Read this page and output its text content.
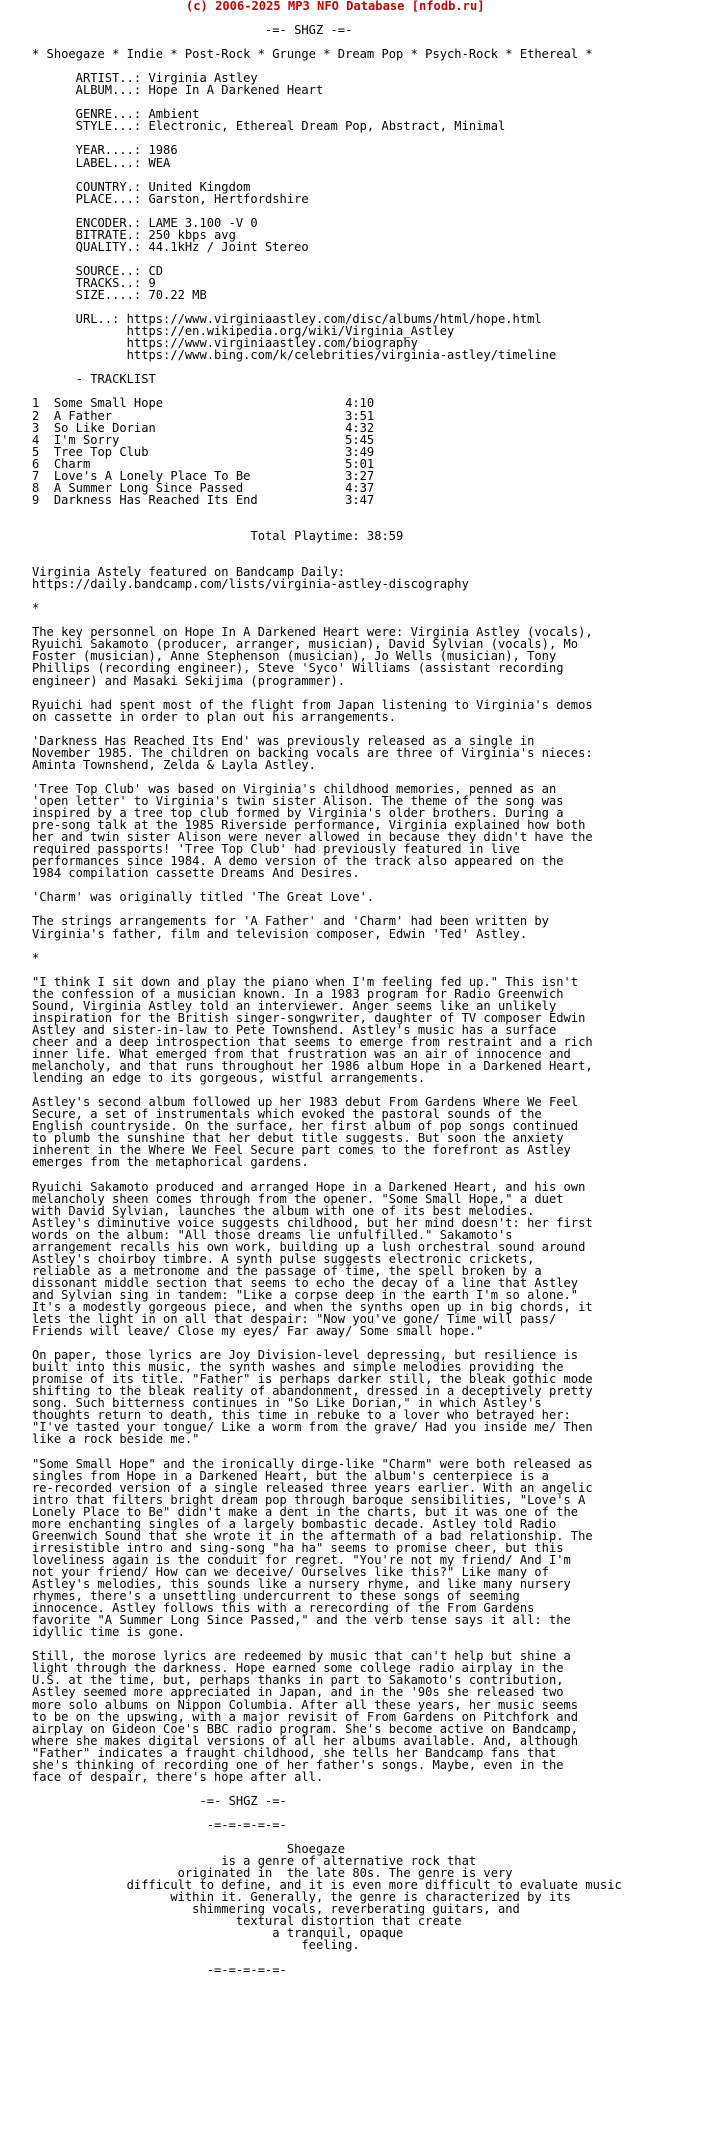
(c) 2006-2025 MP3 NFO Database [nfodb.ru]
-=- SHGZ -=-

* Shoegaze * Indie * Post-Rock * Grunge * Dream Pop * Psych-Rock * Ethereal *

ARTIST..: Virginia Astley
ALBUM...: Hope In A Darkened Heart

GENRE...: Ambient
STYLE...: Electronic, Ethereal Dream Pop, Abstract, Minimal

YEAR....: 1986
LABEL...: WEA

COUNTRY.: United Kingdom
PLACE...: Garston, Hertfordshire

ENCODER.: LAME 3.100 -V 0
BITRATE.: 250 kbps avg
QUALITY.: 44.1kHz / Joint Stereo

SOURCE..: CD
TRACKS..: 9
SIZE....: 70.22 MB

URL..: https://www.virginiaastley.com/disc/albums/html/hope.html
https://en.wikipedia.org/wiki/Virginia_Astley
https://www.virginiaastley.com/biography
https://www.bing.com/k/celebrities/virginia-astley/timeline

- TRACKLIST

1 Some Small Hope	4:10
2 A Father	3:51
3 So Like Dorian	4:32
4 I'm Sorry	5:45
5 Tree Top Club	3:49
6 Charm	5:01
7 Love's A Lonely Place To Be	3:27
8 A Summer Long Since Passed	4:37
9 Darkness Has Reached Its End	3:47

Total Playtime: 38:59

Virginia Astely featured on Bandcamp Daily:
https://daily.bandcamp.com/lists/virginia-astley-discography

*

The key personnel on Hope In A Darkened Heart were: Virginia Astley (vocals),
Ryuichi Sakamoto (producer, arranger, musician), David Sylvian (vocals), Mo
Foster (musician), Anne Stephenson (musician), Jo Wells (musician), Tony
Phillips (recording engineer), Steve 'Syco' Williams (assistant recording
engineer) and Masaki Sekijima (programmer).

Ryuichi had spent most of the flight from Japan listening to Virginia's demos
on cassette in order to plan out his arrangements.

'Darkness Has Reached Its End' was previously released as a single in
November 1985. The children on backing vocals are three of Virginia's nieces:
Aminta Townshend, Zelda & Layla Astley.

'Tree Top Club' was based on Virginia's childhood memories, penned as an
'open letter' to Virginia's twin sister Alison. The theme of the song was
inspired by a tree top club formed by Virginia's older brothers. During a
pre-song talk at the 1985 Riverside performance, Virginia explained how both
her and twin sister Alison were never allowed in because they didn't have the
required passports! 'Tree Top Club' had previously featured in live
performances since 1984. A demo version of the track also appeared on the
1984 compilation cassette Dreams And Desires.

'Charm' was originally titled 'The Great Love'.

The strings arrangements for 'A Father' and 'Charm' had been written by
Virginia's father, film and television composer, Edwin 'Ted' Astley.

*

"I think I sit down and play the piano when I'm feeling fed up." This isn't
the confession of a musician known. In a 1983 program for Radio Greenwich
Sound, Virginia Astley told an interviewer. Anger seems like an unlikely
inspiration for the British singer-songwriter, daughter of TV composer Edwin
Astley and sister-in-law to Pete Townshend. Astley's music has a surface
cheer and a deep introspection that seems to emerge from restraint and a rich
inner life. What emerged from that frustration was an air of innocence and
melancholy, and that runs throughout her 1986 album Hope in a Darkened Heart,
lending an edge to its gorgeous, wistful arrangements.

Astley's second album followed up her 1983 debut From Gardens Where We Feel
Secure, a set of instrumentals which evoked the pastoral sounds of the
English countryside. On the surface, her first album of pop songs continued
to plumb the sunshine that her debut title suggests. But soon the anxiety
inherent in the Where We Feel Secure part comes to the forefront as Astley
emerges from the metaphorical gardens.

Ryuichi Sakamoto produced and arranged Hope in a Darkened Heart, and his own
melancholy sheen comes through from the opener. "Some Small Hope," a duet
with David Sylvian, launches the album with one of its best melodies.
Astley's diminutive voice suggests childhood, but her mind doesn't: her first
words on the album: "All those dreams lie unfulfilled." Sakamoto's
arrangement recalls his own work, building up a lush orchestral sound around
Astley's choirboy timbre. A synth pulse suggests electronic crickets,
reliable as a metronome and the passage of time, the spell broken by a
dissonant middle section that seems to echo the decay of a line that Astley
and Sylvian sing in tandem: "Like a corpse deep in the earth I'm so alone."
It's a modestly gorgeous piece, and when the synths open up in big chords, it
lets the light in on all that despair: "Now you've gone/ Time will pass/
Friends will leave/ Close my eyes/ Far away/ Some small hope."

On paper, those lyrics are Joy Division-level depressing, but resilience is
built into this music, the synth washes and simple melodies providing the
promise of its title. "Father" is perhaps darker still, the bleak gothic mode
shifting to the bleak reality of abandonment, dressed in a deceptively pretty
song. Such bitterness continues in "So Like Dorian," in which Astley's
thoughts return to death, this time in rebuke to a lover who betrayed her:
"I've tasted your tongue/ Like a worm from the grave/ Had you inside me/ Then
like a rock beside me."

"Some Small Hope" and the ironically dirge-like "Charm" were both released as
singles from Hope in a Darkened Heart, but the album's centerpiece is a
re-recorded version of a single released three years earlier. With an angelic
intro that filters bright dream pop through baroque sensibilities, "Love's A
Lonely Place to Be" didn't make a dent in the charts, but it was one of the
more enchanting singles of a largely bombastic decade. Astley told Radio
Greenwich Sound that she wrote it in the aftermath of a bad relationship. The
irresistible intro and sing-song "ha ha" seems to promise cheer, but this
loveliness again is the conduit for regret. "You're not my friend/ And I'm
not your friend/ How can we deceive/ Ourselves like this?" Like many of
Astley's melodies, this sounds like a nursery rhyme, and like many nursery
rhymes, there's a unsettling undercurrent to these songs of seeming
innocence. Astley follows this with a rerecording of the From Gardens
favorite "A Summer Long Since Passed," and the verb tense says it all: the
idyllic time is gone.

Still, the morose lyrics are redeemed by music that can't help but shine a
light through the darkness. Hope earned some college radio airplay in the
U.S. at the time, but, perhaps thanks in part to Sakamoto's contribution,
Astley seemed more appreciated in Japan, and in the '90s she released two
more solo albums on Nippon Columbia. After all these years, her music seems
to be on the upswing, with a major revisit of From Gardens on Pitchfork and
airplay on Gideon Coe's BBC radio program. She's become active on Bandcamp,
where she makes digital versions of all her albums available. And, although
"Father" indicates a fraught childhood, she tells her Bandcamp fans that
she's thinking of recording one of her father's songs. Maybe, even in the
face of despair, there's hope after all.

-=- SHGZ -=-

-=-=-=-=-=-

Shoegaze
is a genre of alternative rock that
originated in  the late 80s. The genre is very
difficult to define, and it is even more difficult to evaluate music
within it. Generally, the genre is characterized by its
shimmering vocals, reverberating guitars, and
textural distortion that create
a tranquil, opaque
feeling.

-=-=-=-=-=-
